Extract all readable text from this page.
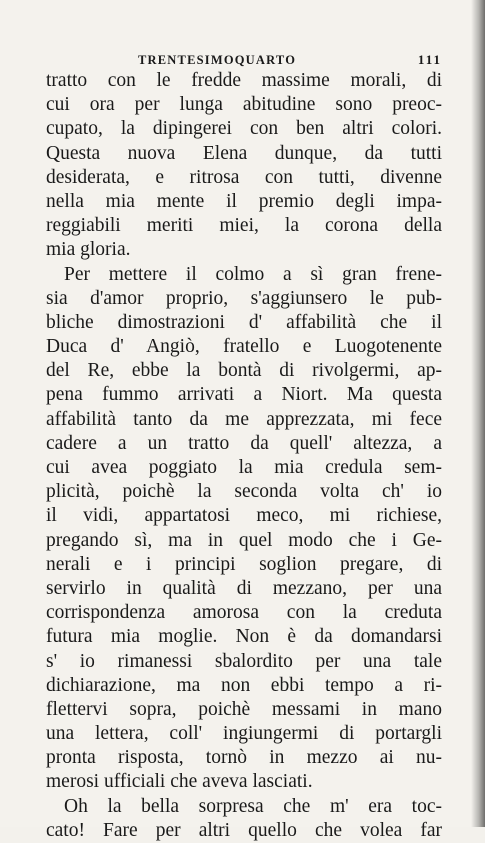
TRENTESIMOQUARTO	111
tratto con le fredde massime morali, di
cui ora per lunga abitudine sono preoc-
cupato, la dipingerei con ben altri colori.
Questa nuova Elena dunque, da tutti
desiderata, e ritrosa con tutti, divenne
nella mia mente il premio degli impa-
reggiabili meriti miei, la corona della
mia gloria.
Per mettere il colmo a sì gran frene-
sia d'amor proprio, s'aggiunsero le pub-
bliche dimostrazioni d' affabilità che il
Duca d' Angiò, fratello e Luogotenente
del Re, ebbe la bontà di rivolgermi, ap-
pena fummo arrivati a Niort. Ma questa
affabilità tanto da me apprezzata, mi fece
cadere a un tratto da quell' altezza, a
cui avea poggiato la mia credula sem-
plicità, poichè la seconda volta ch' io
il vidi, appartatosi meco, mi richiese,
pregando sì, ma in quel modo che i Ge-
nerali e i principi soglion pregare, di
servirlo in qualità di mezzano, per una
corrispondenza amorosa con la creduta
futura mia moglie. Non è da domandarsi
s' io rimanessi sbalordito per una tale
dichiarazione, ma non ebbi tempo a ri-
flettervi sopra, poichè messami in mano
una lettera, coll' ingiungermi di portargli
pronta risposta, tornò in mezzo ai nu-
merosi ufficiali che aveva lasciati.
Oh la bella sorpresa che m' era toc-
cato! Fare per altri quello che volea far
